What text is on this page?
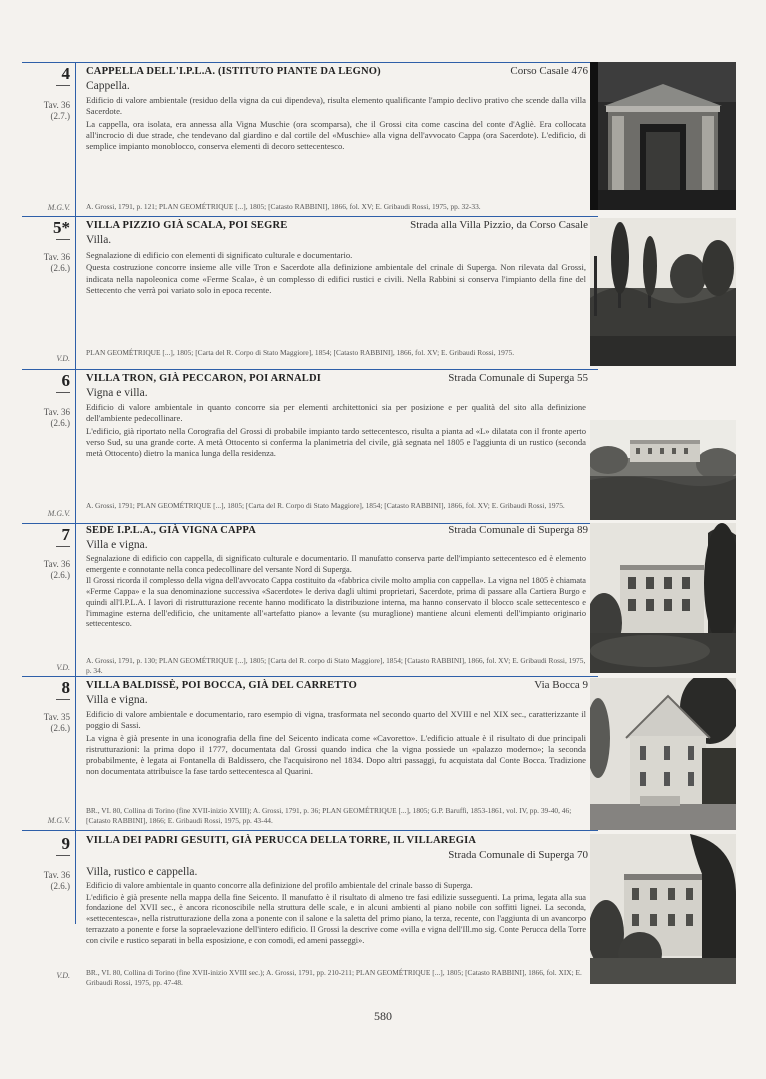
4
Tav. 36
(2.7.)
M.G.V.
CAPPELLA DELL'I.P.L.A. (ISTITUTO PIANTE DA LEGNO)	Corso Casale 476
Cappella.

Edificio di valore ambientale (residuo della vigna da cui dipendeva), risulta elemento qualificante l'ampio declivo prativo che scende dalla villa Sacerdote.

La cappella, ora isolata, era annessa alla Vigna Muschie (ora scomparsa), che il Grossi cita come cascina del conte d'Agliè. Era collocata all'incrocio di due strade, che tendevano dal giardino e dal cortile del «Muschie» alla vigna dell'avvocato Cappa (ora Sacerdote). L'edificio, di semplice impianto monoblocco, conserva elementi di decoro settecentesco.

A. Grossi, 1791, p. 121; PLAN GEOMÉTRIQUE [...], 1805; [Catasto RABBINI], 1866, fol. XV; E. Gribaudi Rossi, 1975, pp. 32-33.
5*
Tav. 36
(2.6.)
V.D.
VILLA PIZZIO GIÀ SCALA, POI SEGRE	Strada alla Villa Pizzio, da Corso Casale
Villa.

Segnalazione di edificio con elementi di significato culturale e documentario.

Questa costruzione concorre insieme alle ville Tron e Sacerdote alla definizione ambientale del crinale di Superga. Non rilevata dal Grossi, indicata nella napoleonica come «Ferme Scala», è un complesso di edifici rustici e civili. Nella Rabbini si conserva l'impianto della fine del Settecento che verrà poi variato solo in epoca recente.

PLAN GEOMÉTRIQUE [...], 1805; [Carta del R. Corpo di Stato Maggiore], 1854; [Catasto RABBINI], 1866, fol. XV; E. Gribaudi Rossi, 1975.
6
Tav. 36
(2.6.)
M.G.V.
VILLA TRON, GIÀ PECCARON, POI ARNALDI	Strada Comunale di Superga 55
Vigna e villa.

Edificio di valore ambientale in quanto concorre sia per elementi architettonici sia per posizione e per qualità del sito alla definizione dell'ambiente pedecollinare.

L'edificio, già riportato nella Corografia del Grossi di probabile impianto tardo settecentesco, risulta a pianta ad «L» dilatata con il fronte aperto verso Sud, su una grande corte. A metà Ottocento si conferma la planimetria del civile, già segnata nel 1805 e l'aggiunta di un rustico (seconda metà Ottocento) dietro la manica lunga della residenza.

A. Grossi, 1791; PLAN GEOMÉTRIQUE [...], 1805; [Carta del R. Corpo di Stato Maggiore], 1854; [Catasto RABBINI], 1866, fol. XV; E. Gribaudi Rossi, 1975.
7
Tav. 36
(2.6.)
V.D.
SEDE I.P.L.A., GIÀ VIGNA CAPPA	Strada Comunale di Superga 89
Villa e vigna.

Segnalazione di edificio con cappella, di significato culturale e documentario. Il manufatto conserva parte dell'impianto settecentesco ed è elemento emergente e connotante nella conca pedecollinare del versante Nord di Superga.

Il Grossi ricorda il complesso della vigna dell'avvocato Cappa costituito da «fabbrica civile molto amplia con cappella». La vigna nel 1805 è chiamata «Ferme Cappa» e la sua denominazione successiva «Sacerdote» le deriva dagli ultimi proprietari, Sacerdote, prima di passare alla Cartiera Burgo e quindi all'I.P.L.A. I lavori di ristrutturazione recente hanno modificato la distribuzione interna, ma hanno conservato il blocco scale settecentesco e l'immagine esterna dell'edificio, che unitamente all'«artefatto piano» a levante (su muraglione) mantiene alcuni elementi dell'impianto originario settecentesco.

A. Grossi, 1791, p. 130; PLAN GEOMÉTRIQUE [...], 1805; [Carta del R. corpo di Stato Maggiore], 1854; [Catasto RABBINI], 1866, fol. XV; E. Gribaudi Rossi, 1975, p. 34.
8
Tav. 35
(2.6.)
M.G.V.
VILLA BALDISSÈ, POI BOCCA, GIÀ DEL CARRETTO	Via Bocca 9
Villa e vigna.

Edificio di valore ambientale e documentario, raro esempio di vigna, trasformata nel secondo quarto del XVIII e nel XIX sec., caratterizzante il poggio di Sassi.

La vigna è già presente in una iconografia della fine del Seicento indicata come «Cavoretto». L'edificio attuale è il risultato di due principali ristrutturazioni: la prima dopo il 1777, documentata dal Grossi quando indica che la vigna possiede un «palazzo moderno»; la seconda probabilmente, è legata ai Fontanella di Baldissero, che l'acquisirono nel 1834. Dopo altri passaggi, fu acquistata dal Conte Bocca. Tradizione non documentata attribuisce la fase tardo settecentesca al Quarini.

BR., VI. 80, Collina di Torino (fine XVII-inizio XVIII); A. Grossi, 1791, p. 36; PLAN GEOMÉTRIQUE [...], 1805; G.P. Baruffi, 1853-1861, vol. IV, pp. 39-40, 46; [Catasto RABBINI], 1866; E. Gribaudi Rossi, 1975, pp. 43-44.
9
Tav. 36
(2.6.)
V.D.
VILLA DEI PADRI GESUITI, GIÀ PERUCCA DELLA TORRE, IL VILLAREGIA
Strada Comunale di Superga 70
Villa, rustico e cappella.

Edificio di valore ambientale in quanto concorre alla definizione del profilo ambientale del crinale basso di Superga.

L'edificio è già presente nella mappa della fine Seicento. Il manufatto è il risultato di almeno tre fasi edilizie susseguenti. La prima, legata alla sua fondazione del XVII sec., è ancora riconoscibile nella struttura delle scale, e in alcuni ambienti al piano nobile con soffitti lignei. La seconda, «settecentesca», nella ristrutturazione della zona a ponente con il salone e la saletta del primo piano, la terza, recente, con l'aggiunta di un avancorpo terrazzato a ponente e forse la sopraelevazione dell'intero edificio. Il Grossi la descrive come «villa e vigna dell'Ill.mo sig. Conte Perucca della Torre con civile e rustico separati in bella esposizione, e con comodi, ed ameni passeggi».

BR., VI. 80, Collina di Torino (fine XVII-inizio XVIII sec.); A. Grossi, 1791, pp. 210-211; PLAN GEOMÉTRIQUE [...], 1805; [Catasto RABBINI], 1866, fol. XIX; E. Gribaudi Rossi, 1975, pp. 47-48.
580
